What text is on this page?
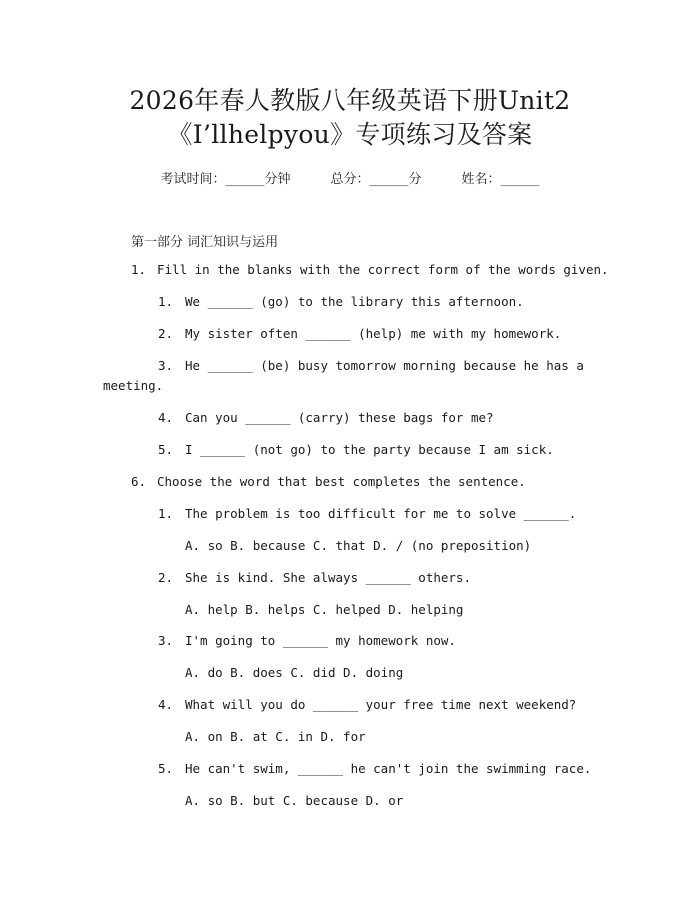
2026年春人教版八年级英语下册Unit2
《I’llhelpyou》专项练习及答案
考试时间：______分钟	总分：______分	姓名：______
第一部分 词汇知识与运用
1. Fill in the blanks with the correct form of the words given.
1. We ______ (go) to the library this afternoon.
2. My sister often ______ (help) me with my homework.
3. He ______ (be) busy tomorrow morning because he has a
meeting.
4. Can you ______ (carry) these bags for me?
5. I ______ (not go) to the party because I am sick.
6. Choose the word that best completes the sentence.
1. The problem is too difficult for me to solve ______.
A. so B. because C. that D. / (no preposition)
2. She is kind. She always ______ others.
A. help B. helps C. helped D. helping
3. I'm going to ______ my homework now.
A. do B. does C. did D. doing
4. What will you do ______ your free time next weekend?
A. on B. at C. in D. for
5. He can't swim, ______ he can't join the swimming race.
A. so B. but C. because D. or
